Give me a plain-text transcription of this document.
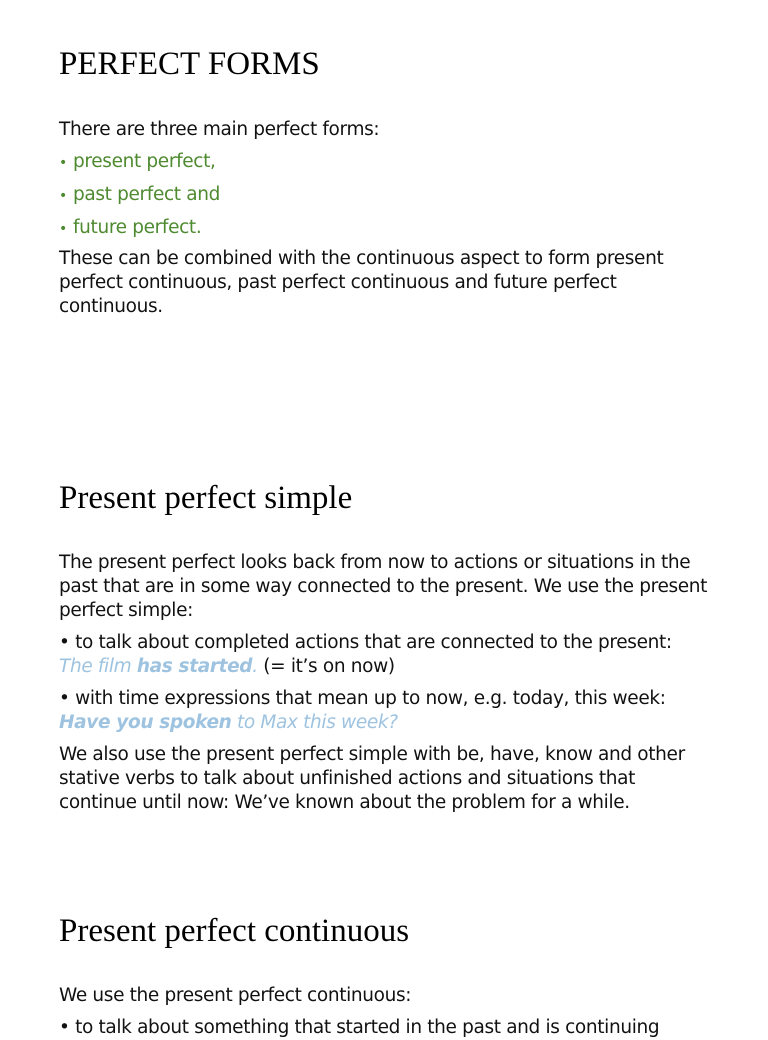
PERFECT FORMS

There are three main perfect forms:

• present perfect,
• past perfect and
• future perfect.

These can be combined with the continuous aspect to form present perfect continuous, past perfect continuous and future perfect continuous.

Present perfect simple

The present perfect looks back from now to actions or situations in the past that are in some way connected to the present. We use the present perfect simple:

• to talk about completed actions that are connected to the present:

The film has started. (= it’s on now)

• with time expressions that mean up to now, e.g. today, this week:

Have you spoken to Max this week?

We also use the present perfect simple with be, have, know and other stative verbs to talk about unfinished actions and situations that continue until now: We’ve known about the problem for a while.

Present perfect continuous

We use the present perfect continuous:

• to talk about something that started in the past and is continuing
